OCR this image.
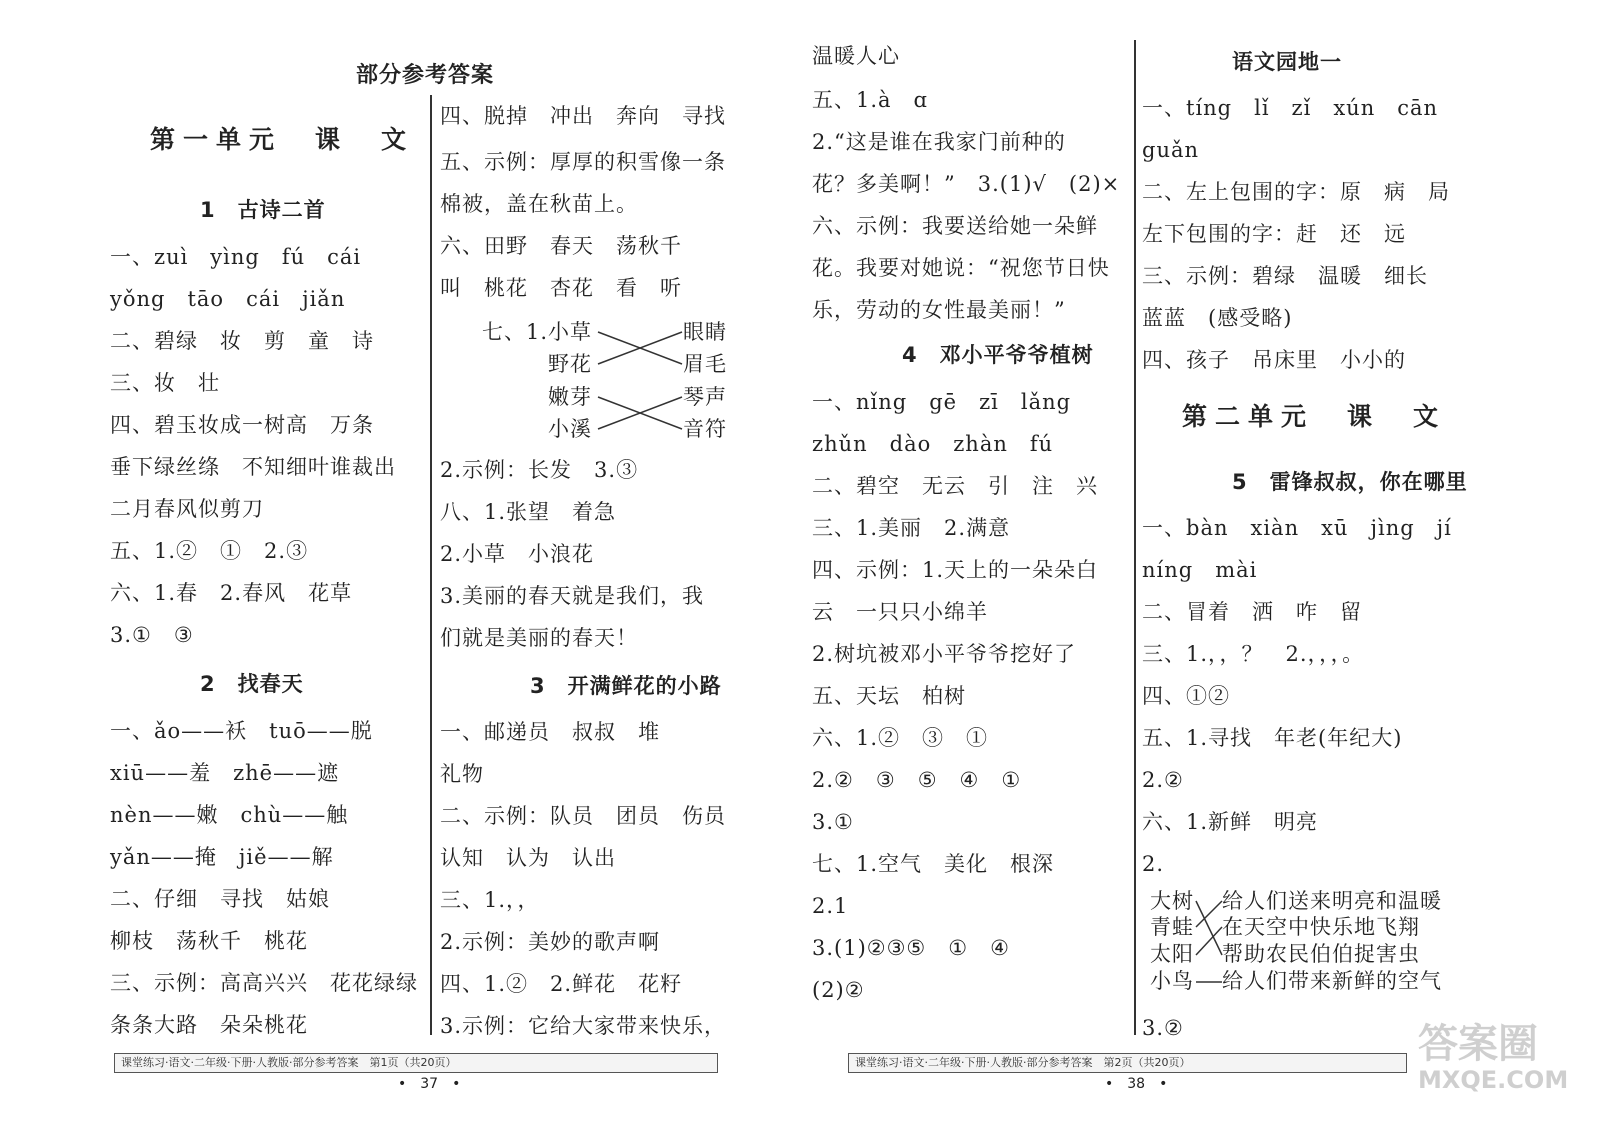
部分参考答案
第一单元　课　文
1　古诗二首
一、zuì　yìng　fú　cái
yǒng　tāo　cái　jiǎn
二、碧绿　妆　剪　童　诗
三、妆　壮
四、碧玉妆成一树高　万条
垂下绿丝绦　不知细叶谁裁出
二月春风似剪刀
五、1.②　①　2.③
六、1.春　2.春风　花草
3.①　③
2　找春天
一、ǎo——袄　tuō——脱
xiū——羞　zhē——遮
nèn——嫩　chù——触
yǎn——掩　jiě——解
二、仔细　寻找　姑娘
柳枝　荡秋千　桃花
三、示例：高高兴兴　花花绿绿
条条大路　朵朵桃花
四、脱掉　冲出　奔向　寻找
五、示例：厚厚的积雪像一条
棉被，盖在秋苗上。
六、田野　春天　荡秋千
叫　桃花　杏花　看　听
2.示例：长发　3.③
八、1.张望　着急
2.小草　小浪花
3.美丽的春天就是我们，我
们就是美丽的春天！
3　开满鲜花的小路
一、邮递员　叔叔　堆
礼物
二、示例：队员　团员　伤员
认知　认为　认出
三、1.，，
2.示例：美妙的歌声啊
四、1.②　2.鲜花　花籽
3.示例：它给大家带来快乐，
七、1. 小草
野花
嫩芽
小溪
眼睛
眉毛
琴声
音符
课堂练习·语文·二年级·下册·人教版·部分参考答案　第1页（共20页）
•　37　•
温暖人心
五、1.à　ɑ
2.“这是谁在我家门前种的
花？多美啊！”　3.(1)√　(2)×
六、示例：我要送给她一朵鲜
花。我要对她说：“祝您节日快
乐，劳动的女性最美丽！”
4　邓小平爷爷植树
一、nǐng　gē　zī　lǎng
zhǔn　dào　zhàn　fú
二、碧空　无云　引　注　兴
三、1.美丽　2.满意
四、示例：1.天上的一朵朵白
云　一只只小绵羊
2.树坑被邓小平爷爷挖好了
五、天坛　柏树
六、1.②　③　①
2.②　③　⑤　④　①
3.①
七、1.空气　美化　根深
2.1
3.(1)②③⑤　①　④
(2)②
语文园地一
一、tíng　lǐ　zǐ　xún　cān
guǎn
二、左上包围的字：原　病　局
左下包围的字：赶　还　远
三、示例：碧绿　温暖　细长
蓝蓝　(感受略)
四、孩子　吊床里　小小的
第二单元　课　文
5　雷锋叔叔，你在哪里
一、bàn　xiàn　xū　jìng　jí
níng　mài
二、冒着　洒　咋　留
三、1.，，？　2.，，，。
四、①②
五、1.寻找　年老(年纪大)
2.②
六、1.新鲜　明亮
2.
3.②
大树
青蛙
太阳
小鸟
给人们送来明亮和温暖
在天空中快乐地飞翔
帮助农民伯伯捉害虫
给人们带来新鲜的空气
课堂练习·语文·二年级·下册·人教版·部分参考答案　第2页（共20页）
•　38　•
答案圈
MXQE.COM
